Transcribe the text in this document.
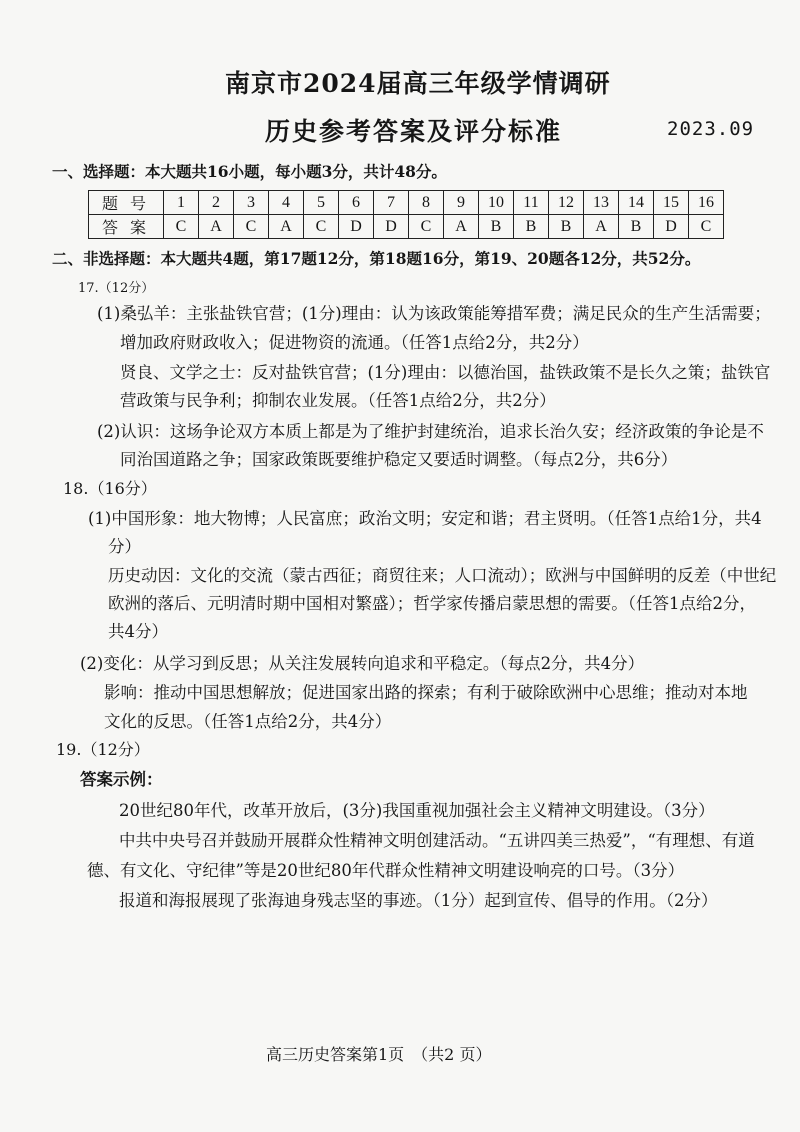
南京市2024届高三年级学情调研
历史参考答案及评分标准	2023.09
一、选择题：本大题共16小题，每小题3分，共计48分。
题号	1	2	3	4	5	6	7	8	9	10	11	12	13	14	15	16
答案	C	A	C	A	C	D	D	C	A	B	B	B	A	B	D	C
二、非选择题：本大题共4题，第17题12分，第18题16分，第19、20题各12分，共52分。
17.（12分）
(1)桑弘羊：主张盐铁官营；(1分)理由：认为该政策能筹措军费；满足民众的生产生活需要；
增加政府财政收入；促进物资的流通。（任答1点给2分，共2分）
贤良、文学之士：反对盐铁官营；(1分)理由：以德治国，盐铁政策不是长久之策；盐铁官
营政策与民争利；抑制农业发展。（任答1点给2分，共2分）
(2)认识：这场争论双方本质上都是为了维护封建统治，追求长治久安；经济政策的争论是不
同治国道路之争；国家政策既要维护稳定又要适时调整。（每点2分，共6分）
18.（16分）
(1)中国形象：地大物博；人民富庶；政治文明；安定和谐；君主贤明。（任答1点给1分，共4
分）
历史动因：文化的交流（蒙古西征；商贸往来；人口流动）；欧洲与中国鲜明的反差（中世纪
欧洲的落后、元明清时期中国相对繁盛）；哲学家传播启蒙思想的需要。（任答1点给2分，
共4分）
(2)变化：从学习到反思；从关注发展转向追求和平稳定。（每点2分，共4分）
影响：推动中国思想解放；促进国家出路的探索；有利于破除欧洲中心思维；推动对本地
文化的反思。（任答1点给2分，共4分）
19.（12分）
答案示例：
20世纪80年代，改革开放后，(3分)我国重视加强社会主义精神文明建设。（3分）
中共中央号召并鼓励开展群众性精神文明创建活动。“五讲四美三热爱”，“有理想、有道
德、有文化、守纪律”等是20世纪80年代群众性精神文明建设响亮的口号。（3分）
报道和海报展现了张海迪身残志坚的事迹。（1分）起到宣传、倡导的作用。（2分）
高三历史答案第1页　（共2 页）
